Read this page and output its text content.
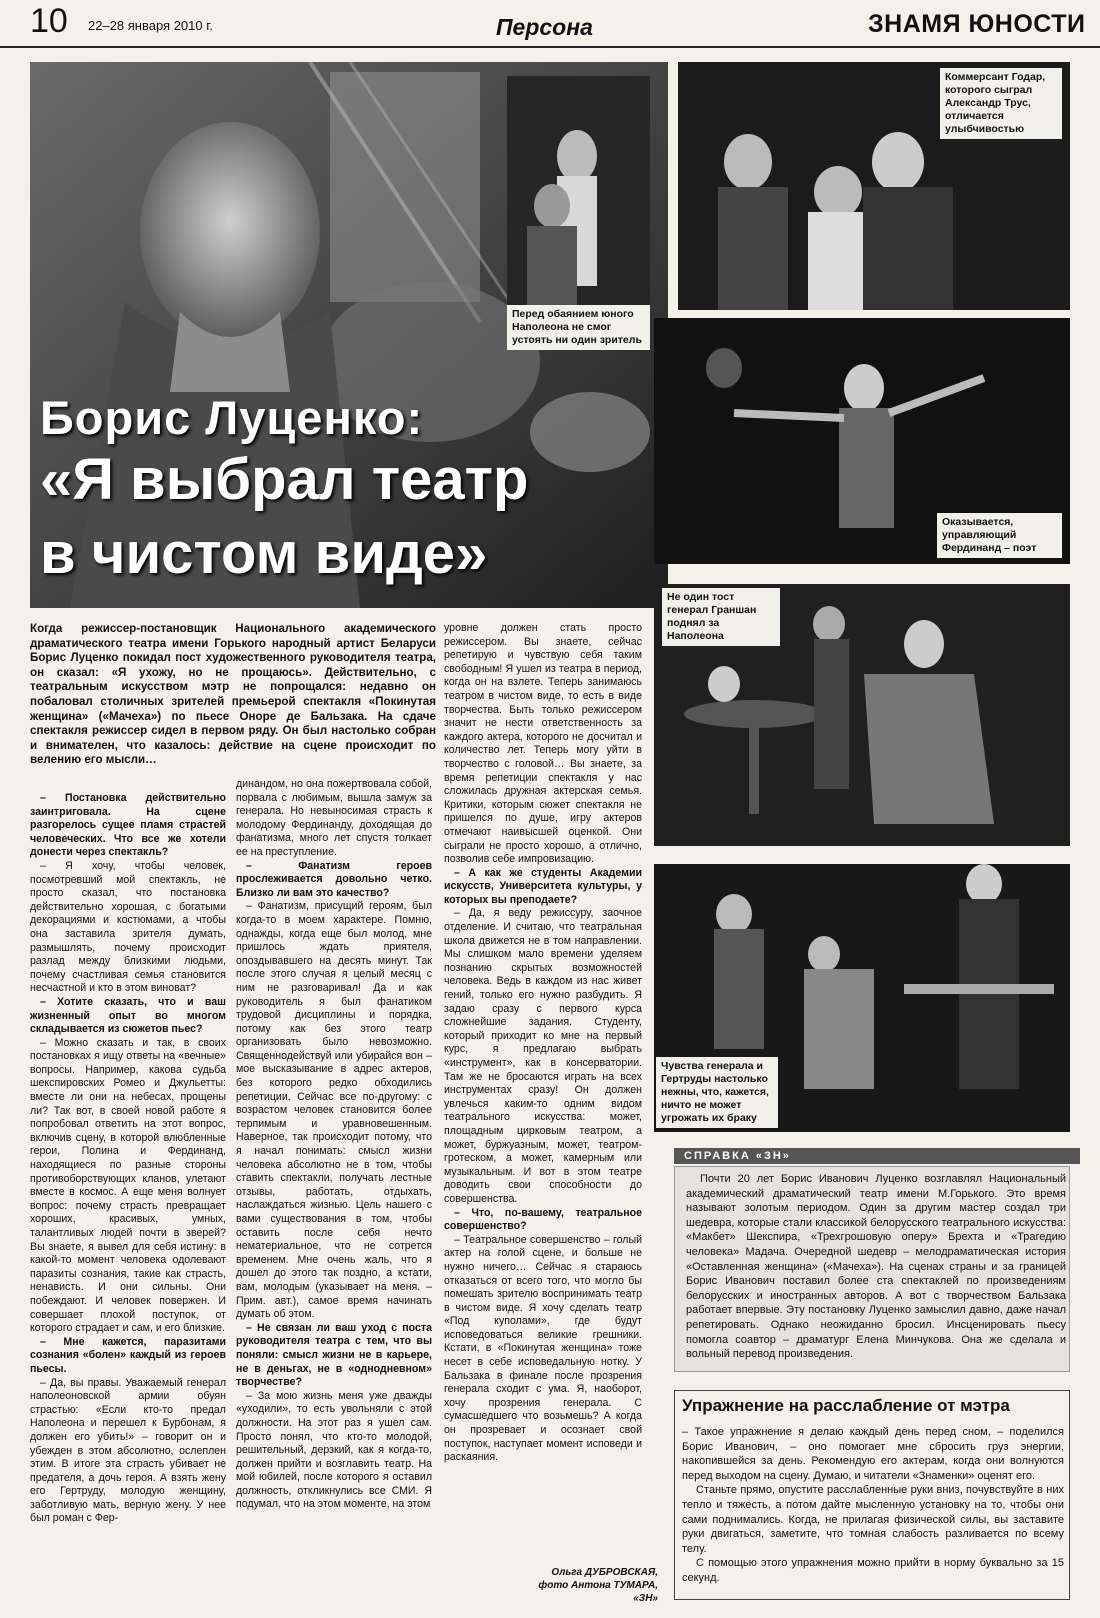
10 22–28 января 2010 г.	Персона	ЗНАМЯ ЮНОСТИ
Борис Луценко:
«Я выбрал театр
в чистом виде»
Перед обаянием юного Наполеона не смог устоять ни один зритель
Коммерсант Годар, которого сыграл Александр Трус, отличается улыбчивостью
Оказывается, управляющий Фердинанд – поэт
Не один тост генерал Граншан поднял за Наполеона
Чувства генерала и Гертруды настолько нежны, что, кажется, ничто не может угрожать их браку
Когда режиссер-постановщик Национального академического драматического театра имени Горького народный артист Беларуси Борис Луценко покидал пост художественного руководителя театра, он сказал: «Я ухожу, но не прощаюсь». Действительно, с театральным искусством мэтр не попрощался: недавно он побаловал столичных зрителей премьерой спектакля «Покинутая женщина» («Мачеха») по пьесе Оноре де Бальзака. На сдаче спектакля режиссер сидел в первом ряду. Он был настолько собран и внимателен, что казалось: действие на сцене происходит по велению его мысли…

– Постановка действительно заинтриговала. На сцене разгорелось сущее пламя страстей человеческих. Что все же хотели донести через спектакль?

– Я хочу, чтобы человек, посмотревший мой спектакль, не просто сказал, что постановка действительно хорошая, с богатыми декорациями и костюмами, а чтобы она заставила зрителя думать, размышлять, почему происходит разлад между близкими людьми, почему счастливая семья становится несчастной и кто в этом виноват?

– Хотите сказать, что и ваш жизненный опыт во многом складывается из сюжетов пьес?

– Можно сказать и так, в своих постановках я ищу ответы на «вечные» вопросы. Например, какова судьба шекспировских Ромео и Джульетты: вместе ли они на небесах, прощены ли? Так вот, в своей новой работе я попробовал ответить на этот вопрос, включив сцену, в которой влюбленные герои, Полина и Фердинанд, находящиеся по разные стороны противоборствующих кланов, улетают вместе в космос. А еще меня волнует вопрос: почему страсть превращает хороших, красивых, умных, талантливых людей почти в зверей? Вы знаете, я вывел для себя истину: в какой-то момент человека одолевают паразиты сознания, такие как страсть, ненависть. И они сильны. Они побеждают. И человек повержен. И совершает плохой поступок, от которого страдает и сам, и его близкие.

– Мне кажется, паразитами сознания «болен» каждый из героев пьесы.

– Да, вы правы. Уважаемый генерал наполеоновской армии обуян страстью: «Если кто-то предал Наполеона и перешел к Бурбонам, я должен его убить!» – говорит он и убежден в этом абсолютно, ослеплен этим. В итоге эта страсть убивает не предателя, а дочь героя. А взять жену его Гертруду, молодую женщину, заботливую мать, верную жену. У нее был роман с Фер-

динандом, но она пожертвовала собой, порвала с любимым, вышла замуж за генерала. Но невыносимая страсть к молодому Фердинанду, доходящая до фанатизма, много лет спустя толкает ее на преступление.

– Фанатизм героев прослеживается довольно четко. Близко ли вам это качество?

– Фанатизм, присущий героям, был когда-то в моем характере. Помню, однажды, когда еще был молод, мне пришлось ждать приятеля, опоздывавшего на десять минут. Так после этого случая я целый месяц с ним не разговаривал! Да и как руководитель я был фанатиком трудовой дисциплины и порядка, потому как без этого театр организовать было невозможно. Священнодействуй или убирайся вон – мое высказывание в адрес актеров, без которого редко обходились репетиции. Сейчас все по-другому: с возрастом человек становится более терпимым и уравновешенным. Наверное, так происходит потому, что я начал понимать: смысл жизни человека абсолютно не в том, чтобы ставить спектакли, получать лестные отзывы, работать, отдыхать, наслаждаться жизнью. Цель нашего с вами существования в том, чтобы оставить после себя нечто нематериальное, что не сотрется временем. Мне очень жаль, что я дошел до этого так поздно, а кстати, вам, молодым (указывает на меня. – Прим. авт.), самое время начинать думать об этом.

– Не связан ли ваш уход с поста руководителя театра с тем, что вы поняли: смысл жизни не в карьере, не в деньгах, не в «однодневном» творчестве?

– За мою жизнь меня уже дважды «уходили», то есть увольняли с этой должности. На этот раз я ушел сам. Просто понял, что кто-то молодой, решительный, дерзкий, как я когда-то, должен прийти и возглавить театр. На мой юбилей, после которого я оставил должность, откликнулись все СМИ. Я подумал, что на этом моменте, на этом

уровне должен стать просто режиссером. Вы знаете, сейчас репетирую и чувствую себя таким свободным! Я ушел из театра в период, когда он на взлете. Теперь занимаюсь театром в чистом виде, то есть в виде творчества. Быть только режиссером значит не нести ответственность за каждого актера, которого не досчитал и количество лет. Теперь могу уйти в творчество с головой… Вы знаете, за время репетиции спектакля у нас сложилась дружная актерская семья. Критики, которым сюжет спектакля не пришелся по душе, игру актеров отмечают наивысшей оценкой. Они сыграли не просто хорошо, а отлично, позволив себе импровизацию.

– А как же студенты Академии искусств, Университета культуры, у которых вы преподаете?

– Да, я веду режиссуру, заочное отделение. И считаю, что театральная школа движется не в том направлении. Мы слишком мало времени уделяем познанию скрытых возможностей человека. Ведь в каждом из нас живет гений, только его нужно разбудить. Я задаю сразу с первого курса сложнейшие задания. Студенту, который приходит ко мне на первый курс, я предлагаю выбрать «инструмент», как в консерватории. Там же не бросаются играть на всех инструментах сразу! Он должен увлечься каким-то одним видом театрального искусства: может, площадным цирковым театром, а может, буржуазным, может, театром-гротеском, а может, камерным или музыкальным. И вот в этом театре доводить свои способности до совершенства.

– Что, по-вашему, театральное совершенство?

– Театральное совершенство – голый актер на голой сцене, и больше не нужно ничего… Сейчас я стараюсь отказаться от всего того, что могло бы помешать зрителю воспринимать театр в чистом виде. Я хочу сделать театр «Под куполами», где будут исповедоваться великие грешники. Кстати, в «Покинутая женщина» тоже несет в себе исповедальную нотку. У Бальзака в финале после прозрения генерала сходит с ума. Я, наоборот, хочу прозрения генерала. С сумасшедшего что возьмешь? А когда он прозревает и осознает свой поступок, наступает момент исповеди и раскаяния.

Ольга ДУБРОВСКАЯ,
фото Антона ТУМАРА, «ЗН»
СПРАВКА «ЗН»
Почти 20 лет Борис Иванович Луценко возглавлял Национальный академический драматический театр имени М.Горького. Это время называют золотым периодом. Один за другим мастер создал три шедевра, которые стали классикой белорусского театрального искусства: «Макбет» Шекспира, «Трехгрошовую оперу» Брехта и «Трагедию человека» Мадача. Очередной шедевр – мелодраматическая история «Оставленная женщина» («Мачеха»). На сценах страны и за границей Борис Иванович поставил более ста спектаклей по произведениям белорусских и иностранных авторов. А вот с творчеством Бальзака работает впервые. Эту постановку Луценко замыслил давно, даже начал репетировать. Однако неожиданно бросил. Инсценировать пьесу помогла соавтор – драматург Елена Минчукова. Она же сделала и вольный перевод произведения.
Упражнение на расслабление от мэтра
– Такое упражнение я делаю каждый день перед сном, – поделился Борис Иванович, – оно помогает мне сбросить груз энергии, накопившейся за день. Рекомендую его актерам, когда они волнуются перед выходом на сцену. Думаю, и читатели «Знаменки» оценят его.
Станьте прямо, опустите расслабленные руки вниз, почувствуйте в них тепло и тяжесть, а потом дайте мысленную установку на то, чтобы они сами поднимались. Когда, не прилагая физической силы, вы заставите руки двигаться, заметите, что томная слабость разливается по всему телу.
С помощью этого упражнения можно прийти в норму буквально за 15 секунд.
